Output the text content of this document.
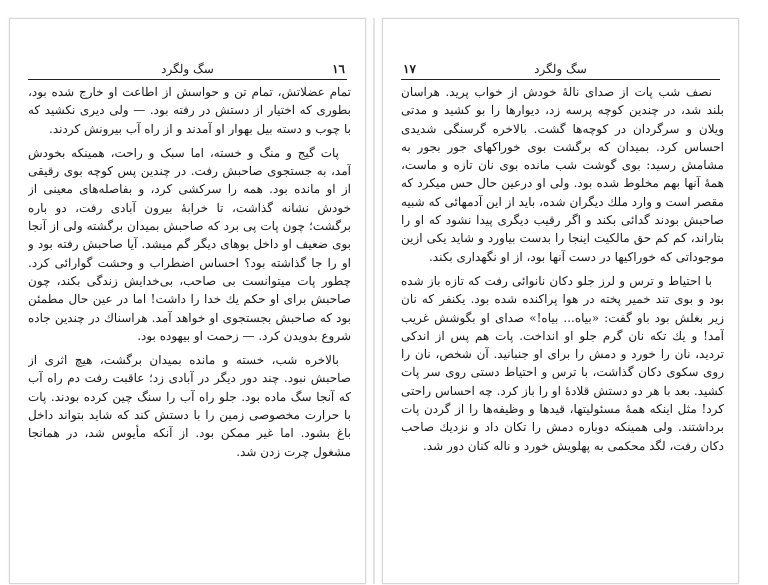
١٦
سگ ولگرد

تمام عضلاتش، تمام تن و حواسش از اطاعت او خارج شده بود، بطوری که اختیار از دستش در رفته بود. — ولی دیری نکشید که با چوب و دسته بیل بهوار او آمدند و از راه آب بیرونش کردند.

پات گیج و منگ و خسته، اما سبک و راحت، همینکه بخودش آمد، به جستجوی صاحبش رفت. در چندین پس کوچه بوی رقیقی از او مانده بود. همه را سرکشی کرد، و بفاصله‌های معینی از خودش نشانه گذاشت، تا خرابهٔ بیرون آبادی رفت، دو باره برگشت؛ چون پات پی برد که صاحبش بمیدان برگشته ولی از آنجا بوی ضعیف او داخل بوهای دیگر گم میشد. آیا صاحبش رفته بود و او را جا گذاشته بود؟ احساس اضطراب و وحشت گوارائی کرد. چطور پات میتوانست بی صاحب، بی‌خدایش زندگی بکند، چون صاحبش برای او حکم یك خدا را داشت! اما در عین حال مطمئن بود که صاحبش بجستجوی او خواهد آمد. هراسناك در چندین جاده شروع بدویدن کرد. — زحمت او بیهوده بود.

بالاخره شب، خسته و مانده بمیدان برگشت، هیچ اثری از صاحبش نبود. چند دور دیگر در آبادی زد؛ عاقبت رفت دم راه آب که آنجا سگ ماده بود. جلو راه آب را سنگ چین کرده بودند. پات با حرارت مخصوصی زمین را با دستش کند که شاید بتواند داخل باغ بشود. اما غیر ممکن بود. از آنکه مأیوس شد، در همانجا مشغول چرت زدن شد.

١٧	سگ ولگرد

نصف شب پات از صدای نالهٔ خودش از خواب پرید. هراسان بلند شد، در چندین کوچه پرسه زد، دیوارها را بو کشید و مدتی ویلان و سرگردان در کوچه‌ها گشت. بالاخره گرسنگی شدیدی احساس کرد. بمیدان که برگشت بوی خوراکهای جور بجور به مشامش رسید: بوی گوشت شب مانده بوی نان تازه و ماست، همهٔ آنها بهم مخلوط شده بود. ولی او درعین حال حس میکرد که مقصر است و وارد ملك دیگران شده، باید از این آدمهائی که شبیه صاحبش بودند گدائی بکند و اگر رقیب دیگری پیدا نشود که او را بتاراند، کم کم حق مالکیت اینجا را بدست بیاورد و شاید یکی ازین موجوداتی که خوراکیها در دست آنها بود، از او نگهداری بکند.

با احتیاط و ترس و لرز جلو دکان نانوائی رفت که تازه باز شده بود و بوی تند خمیر پخته در هوا پراکنده شده بود. یکنفر که نان زیر بغلش بود باو گفت: «بیاه... بیاه!» صدای او بگوشش غریب آمد! و یك تکه نان گرم جلو او انداخت. پات هم پس از اندکی تردید، نان را خورد و دمش را برای او جنبانید. آن شخص، نان را روی سکوی دکان گذاشت، با ترس و احتیاط دستی روی سر پات کشید. بعد با هر دو دستش قلادهٔ او را باز کرد. چه احساس راحتی کرد! مثل اینکه همهٔ مسئولیتها، قیدها و وظیفه‌ها را از گردن پات برداشتند. ولی همینکه دوباره دمش را تکان داد و نزدیك صاحب دکان رفت، لگد محکمی به پهلویش خورد و ناله کنان دور شد.
